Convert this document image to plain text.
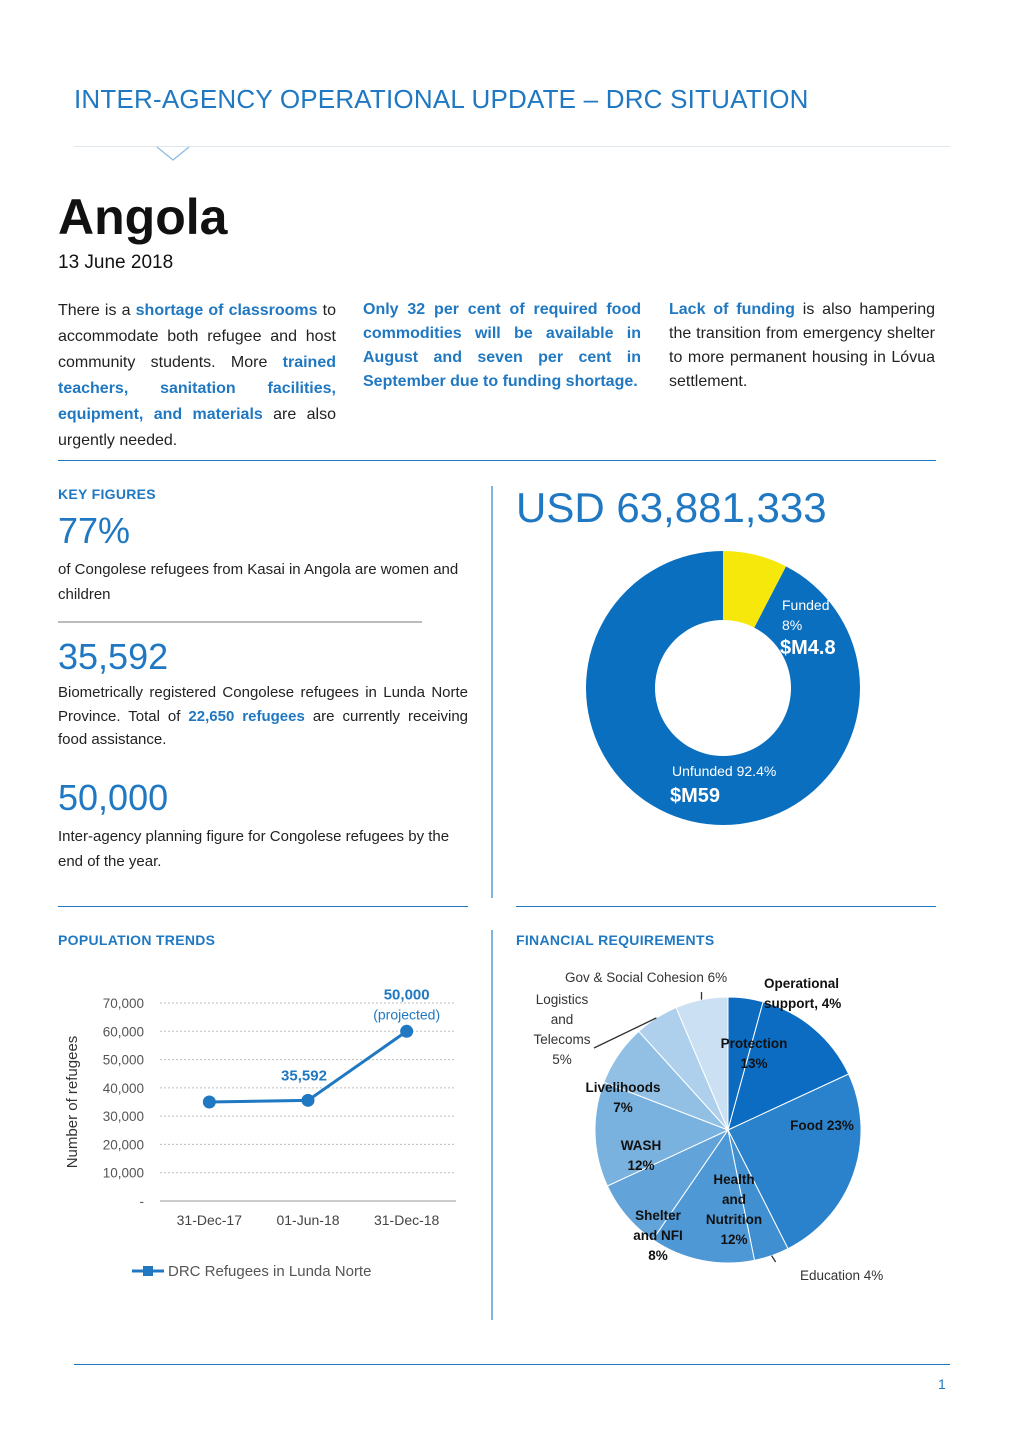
INTER-AGENCY OPERATIONAL UPDATE – DRC SITUATION
Angola
13 June 2018
There is a shortage of classrooms to accommodate both refugee and host community students. More trained teachers, sanitation facilities, equipment, and materials are also urgently needed.
Only 32 per cent of required food commodities will be available in August and seven per cent in September due to funding shortage.
Lack of funding is also hampering the transition from emergency shelter to more permanent housing in Lóvua settlement.
KEY FIGURES
77%
of Congolese refugees from Kasai in Angola are women and children
35,592
Biometrically registered Congolese refugees in Lunda Norte Province. Total of 22,650 refugees are currently receiving food assistance.
50,000
Inter-agency planning figure for Congolese refugees by the end of the year.
USD 63,881,333
Funded
8%
$M4.8
Unfunded 92.4%
$M59
POPULATION TRENDS
-
10,000
20,000
30,000
40,000
50,000
60,000
70,000
Number of refugees
31-Dec-17 01-Jun-18 31-Dec-18
35,592
50,000
(projected)
DRC Refugees in Lunda Norte
FINANCIAL REQUIREMENTS
Operational support, 4%
Protection 13%
Food 23%
Education 4%
Health and Nutrition 12%
Shelter and NFI 8%
WASH 12%
Livelihoods 7%
Logistics and Telecoms 5%
Gov & Social Cohesion 6%
1
